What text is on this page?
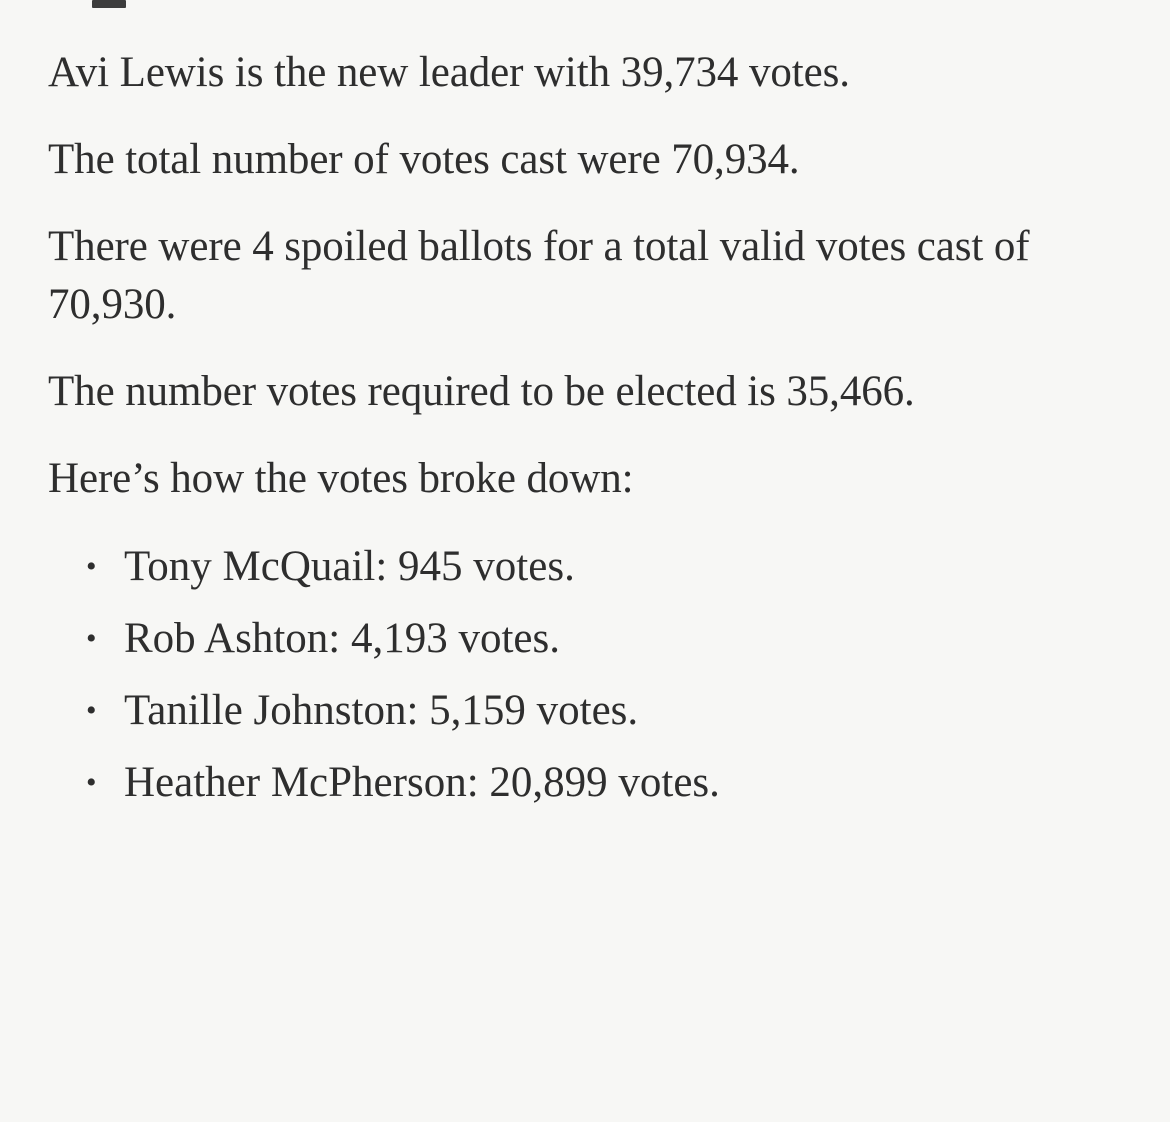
Avi Lewis is the new leader with 39,734 votes.

The total number of votes cast were 70,934.

There were 4 spoiled ballots for a total valid votes cast of 70,930.

The number votes required to be elected is 35,466.

Here’s how the votes broke down:

• Tony McQuail: 945 votes.
• Rob Ashton: 4,193 votes.
• Tanille Johnston: 5,159 votes.
• Heather McPherson: 20,899 votes.
